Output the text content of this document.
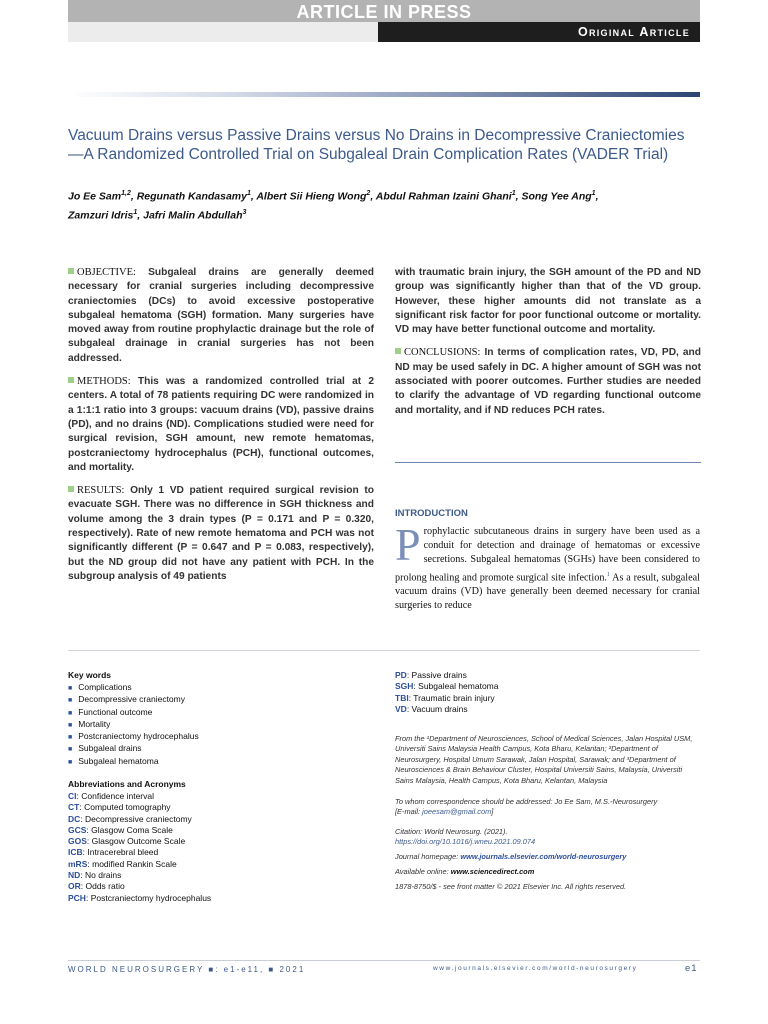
ARTICLE IN PRESS
Original Article
Vacuum Drains versus Passive Drains versus No Drains in Decompressive Craniectomies—A Randomized Controlled Trial on Subgaleal Drain Complication Rates (VADER Trial)
Jo Ee Sam$^{1,2}$, Regunath Kandasamy$^1$, Albert Sii Hieng Wong$^2$, Abdul Rahman Izaini Ghani$^1$, Song Yee Ang$^1$,
Zamzuri Idris$^1$, Jafri Malin Abdullah$^3$

OBJECTIVE: Subgaleal drains are generally deemed necessary for cranial surgeries including decompressive craniectomies (DCs) to avoid excessive postoperative subgaleal hematoma (SGH) formation. Many surgeries have moved away from routine prophylactic drainage but the role of subgaleal drainage in cranial surgeries has not been addressed.

METHODS: This was a randomized controlled trial at 2 centers. A total of 78 patients requiring DC were randomized in a 1:1:1 ratio into 3 groups: vacuum drains (VD), passive drains (PD), and no drains (ND). Complications studied were need for surgical revision, SGH amount, new remote hematomas, postcraniectomy hydrocephalus (PCH), functional outcomes, and mortality.

RESULTS: Only 1 VD patient required surgical revision to evacuate SGH. There was no difference in SGH thickness and volume among the 3 drain types (P = 0.171 and P = 0.320, respectively). Rate of new remote hematoma and PCH was not significantly different (P = 0.647 and P = 0.083, respectively), but the ND group did not have any patient with PCH. In the subgroup analysis of 49 patients

with traumatic brain injury, the SGH amount of the PD and ND group was significantly higher than that of the VD group. However, these higher amounts did not translate as a significant risk factor for poor functional outcome or mortality. VD may have better functional outcome and mortality.

CONCLUSIONS: In terms of complication rates, VD, PD, and ND may be used safely in DC. A higher amount of SGH was not associated with poorer outcomes. Further studies are needed to clarify the advantage of VD regarding functional outcome and mortality, and if ND reduces PCH rates.

INTRODUCTION
Prophylactic subcutaneous drains in surgery have been used as a conduit for detection and drainage of hematomas or excessive secretions. Subgaleal hematomas (SGHs) have been considered to prolong healing and promote surgical site infection.$^1$ As a result, subgaleal vacuum drains (VD) have generally been deemed necessary for cranial surgeries to reduce
Key words
■ Complications
■ Decompressive craniectomy
■ Functional outcome
■ Mortality
■ Postcraniectomy hydrocephalus
■ Subgaleal drains
■ Subgaleal hematoma
Abbreviations and Acronyms
CI: Confidence interval
CT: Computed tomography
DC: Decompressive craniectomy
GCS: Glasgow Coma Scale
GOS: Glasgow Outcome Scale
ICB: Intracerebral bleed
mRS: modified Rankin Scale
ND: No drains
OR: Odds ratio
PCH: Postcraniectomy hydrocephalus
PD: Passive drains
SGH: Subgaleal hematoma
TBI: Traumatic brain injury
VD: Vacuum drains
From the ¹Department of Neurosciences, School of Medical Sciences, Jalan Hospital USM, Universiti Sains Malaysia Health Campus, Kota Bharu, Kelantan; ²Department of Neurosurgery, Hospital Umum Sarawak, Jalan Hospital, Sarawak; and ³Department of Neurosciences & Brain Behaviour Cluster, Hospital Universiti Sains, Malaysia, Universiti Sains Malaysia, Health Campus, Kota Bharu, Kelantan, Malaysia
To whom correspondence should be addressed: Jo Ee Sam, M.S.-Neurosurgery
[E-mail: joeesam@gmail.com]
Citation: World Neurosurg. (2021).
https://doi.org/10.1016/j.wneu.2021.09.074
Journal homepage: www.journals.elsevier.com/world-neurosurgery
Available online: www.sciencedirect.com
1878-8750/$ - see front matter © 2021 Elsevier Inc. All rights reserved.
WORLD NEUROSURGERY ■: e1-e11, ■ 2021	www.journals.elsevier.com/world-neurosurgery	e1
